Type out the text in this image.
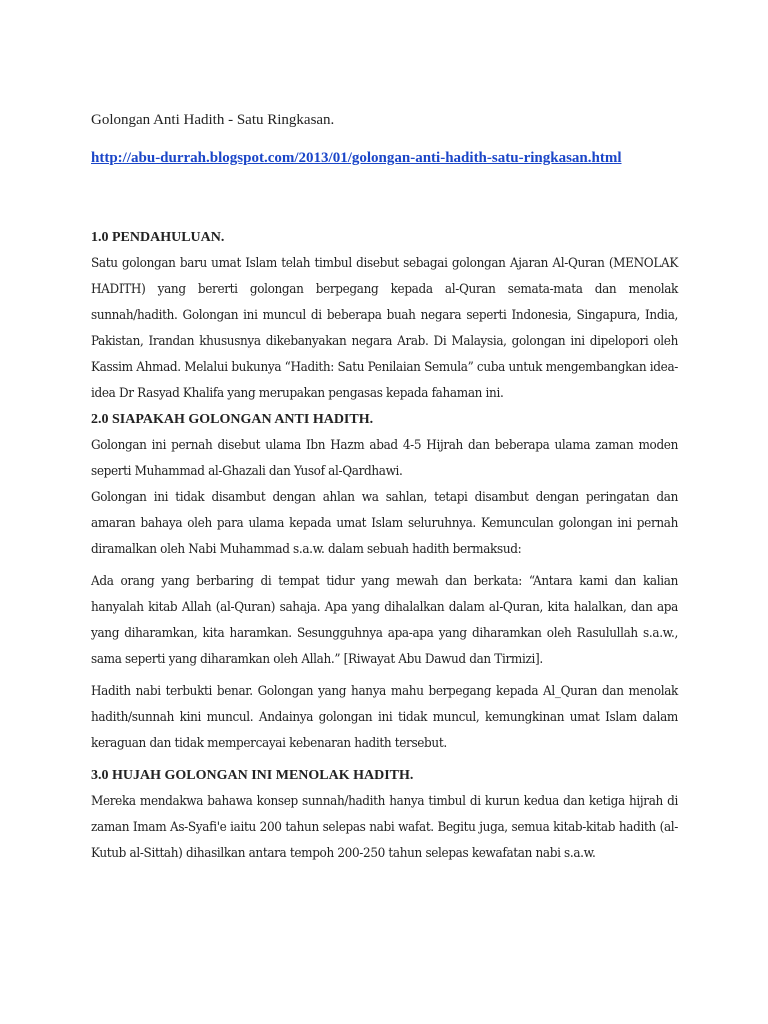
Golongan Anti Hadith - Satu Ringkasan.
http://abu-durrah.blogspot.com/2013/01/golongan-anti-hadith-satu-ringkasan.html
1.0 PENDAHULUAN.

Satu golongan baru umat Islam telah timbul disebut sebagai golongan Ajaran Al-Quran (MENOLAK HADITH) yang bererti golongan berpegang kepada al-Quran semata-mata dan menolak sunnah/hadith. Golongan ini muncul di beberapa buah negara seperti Indonesia, Singapura, India, Pakistan, Irandan khususnya dikebanyakan negara Arab. Di Malaysia, golongan ini dipelopori oleh Kassim Ahmad. Melalui bukunya “Hadith: Satu Penilaian Semula” cuba untuk mengembangkan idea-idea Dr Rasyad Khalifa yang merupakan pengasas kepada fahaman ini.

2.0 SIAPAKAH GOLONGAN ANTI HADITH.

Golongan ini pernah disebut ulama Ibn Hazm abad 4-5 Hijrah dan beberapa ulama zaman moden seperti Muhammad al-Ghazali dan Yusof al-Qardhawi.

Golongan ini tidak disambut dengan ahlan wa sahlan, tetapi disambut dengan peringatan dan amaran bahaya oleh para ulama kepada umat Islam seluruhnya. Kemunculan golongan ini pernah diramalkan oleh Nabi Muhammad s.a.w. dalam sebuah hadith bermaksud:

Ada orang yang berbaring di tempat tidur yang mewah dan berkata: “Antara kami dan kalian hanyalah kitab Allah (al-Quran) sahaja. Apa yang dihalalkan dalam al-Quran, kita halalkan, dan apa yang diharamkan, kita haramkan. Sesungguhnya apa-apa yang diharamkan oleh Rasulullah s.a.w., sama seperti yang diharamkan oleh Allah.” [Riwayat Abu Dawud dan Tirmizi].

Hadith nabi terbukti benar. Golongan yang hanya mahu berpegang kepada Al_Quran dan menolak hadith/sunnah kini muncul. Andainya golongan ini tidak muncul, kemungkinan umat Islam dalam keraguan dan tidak mempercayai kebenaran hadith tersebut.

3.0 HUJAH GOLONGAN INI MENOLAK HADITH.

Mereka mendakwa bahawa konsep sunnah/hadith hanya timbul di kurun kedua dan ketiga hijrah di zaman Imam As-Syafi'e iaitu 200 tahun selepas nabi wafat. Begitu juga, semua kitab-kitab hadith (al-Kutub al-Sittah) dihasilkan antara tempoh 200-250 tahun selepas kewafatan nabi s.a.w.
